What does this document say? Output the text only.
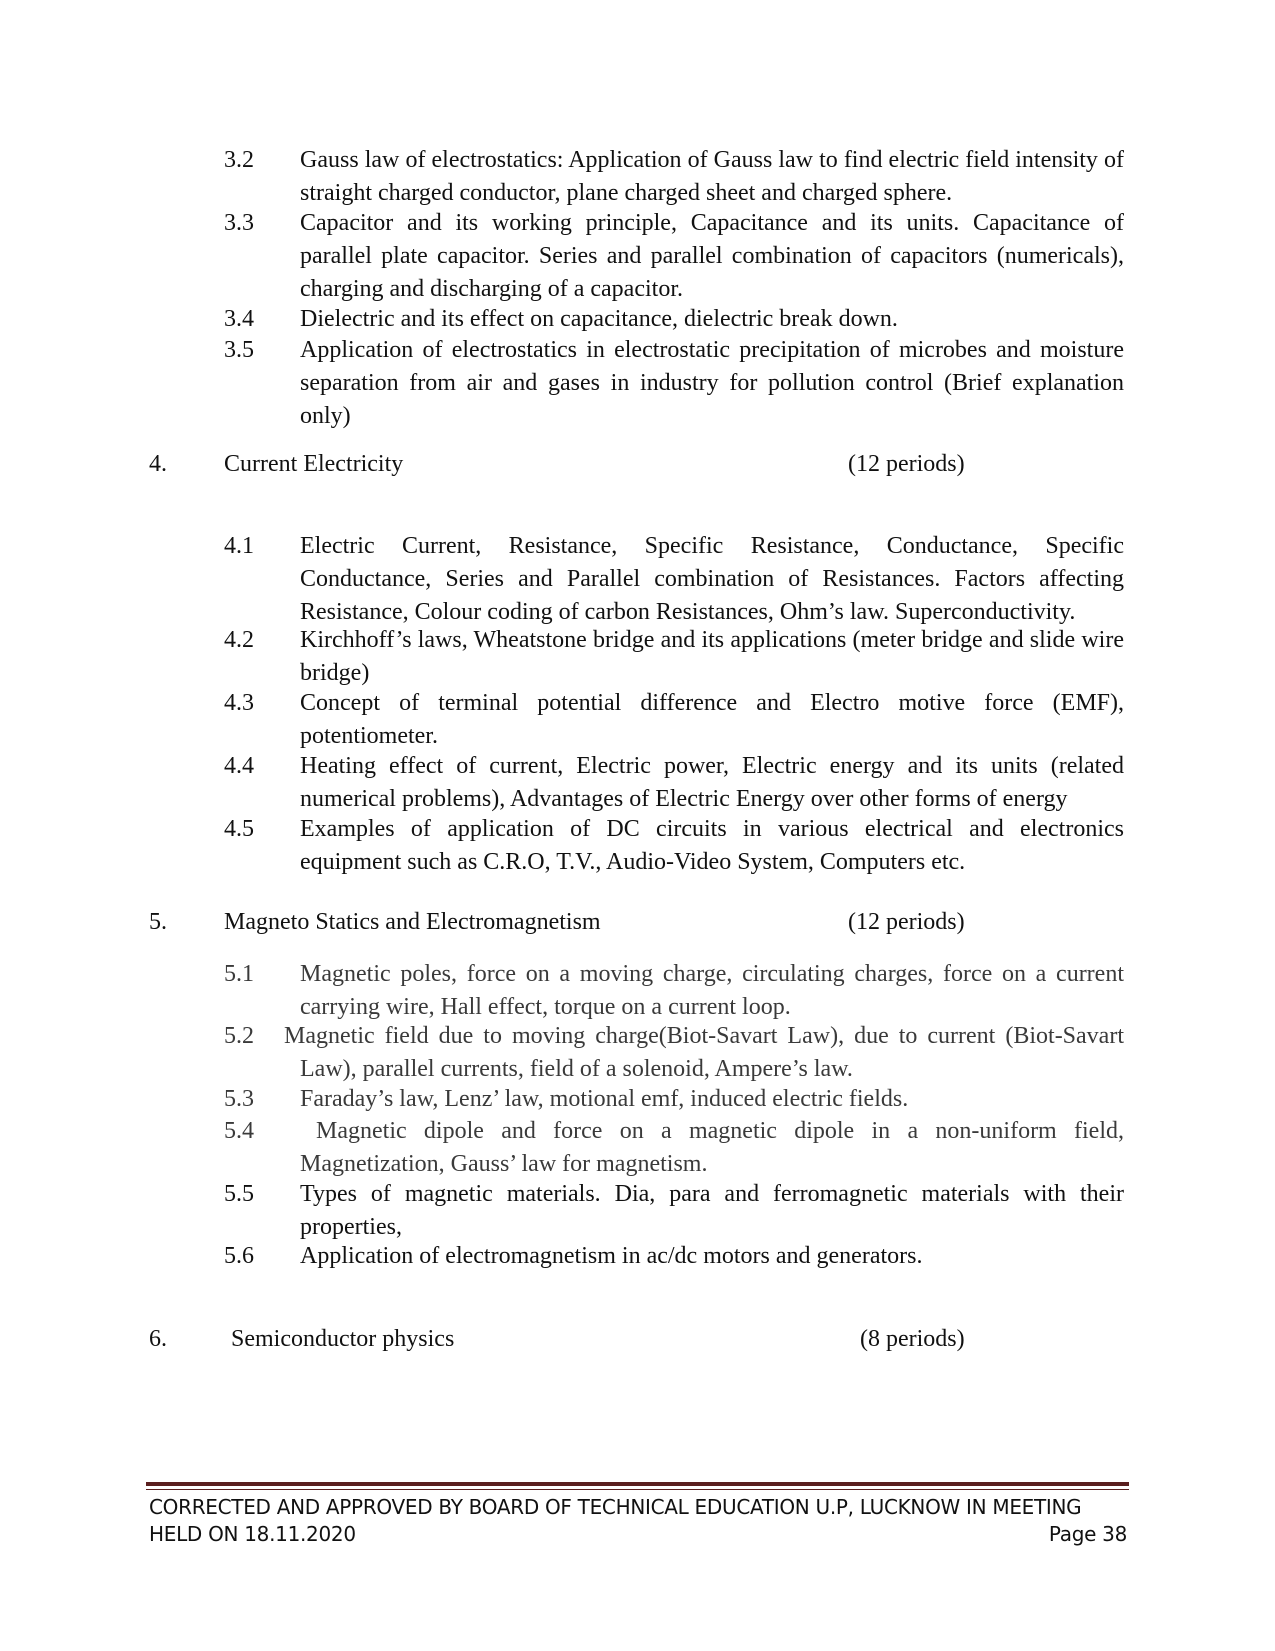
3.2 Gauss law of electrostatics: Application of Gauss law to find electric field intensity of straight charged conductor, plane charged sheet and charged sphere.
3.3 Capacitor and its working principle, Capacitance and its units. Capacitance of parallel plate capacitor. Series and parallel combination of capacitors (numericals), charging and discharging of a capacitor.
3.4 Dielectric and its effect on capacitance, dielectric break down.
3.5 Application of electrostatics in electrostatic precipitation of microbes and moisture separation from air and gases in industry for pollution control (Brief explanation only)
4. Current Electricity	(12 periods)
4.1 Electric Current, Resistance, Specific Resistance, Conductance, Specific Conductance, Series and Parallel combination of Resistances. Factors affecting Resistance, Colour coding of carbon Resistances, Ohm’s law. Superconductivity.
4.2 Kirchhoff’s laws, Wheatstone bridge and its applications (meter bridge and slide wire bridge)
4.3 Concept of terminal potential difference and Electro motive force (EMF), potentiometer.
4.4 Heating effect of current, Electric power, Electric energy and its units (related numerical problems), Advantages of Electric Energy over other forms of energy
4.5 Examples of application of DC circuits in various electrical and electronics equipment such as C.R.O, T.V., Audio-Video System, Computers etc.
5. Magneto Statics and Electromagnetism	(12 periods)
5.1 Magnetic poles, force on a moving charge, circulating charges, force on a current carrying wire, Hall effect, torque on a current loop.
5.2 Magnetic field due to moving charge(Biot-Savart Law), due to current (Biot-Savart Law), parallel currents, field of a solenoid, Ampere’s law.
5.3 Faraday’s law, Lenz’ law, motional emf, induced electric fields.
5.4	Magnetic dipole and force on a magnetic dipole in a non-uniform field, Magnetization, Gauss’ law for magnetism.
5.5 Types of magnetic materials. Dia, para and ferromagnetic materials with their properties,
5.6 Application of electromagnetism in ac/dc motors and generators.
6.	Semiconductor physics	(8 periods)
CORRECTED AND APPROVED BY BOARD OF TECHNICAL EDUCATION U.P, LUCKNOW IN MEETING
HELD ON 18.11.2020	Page 38
